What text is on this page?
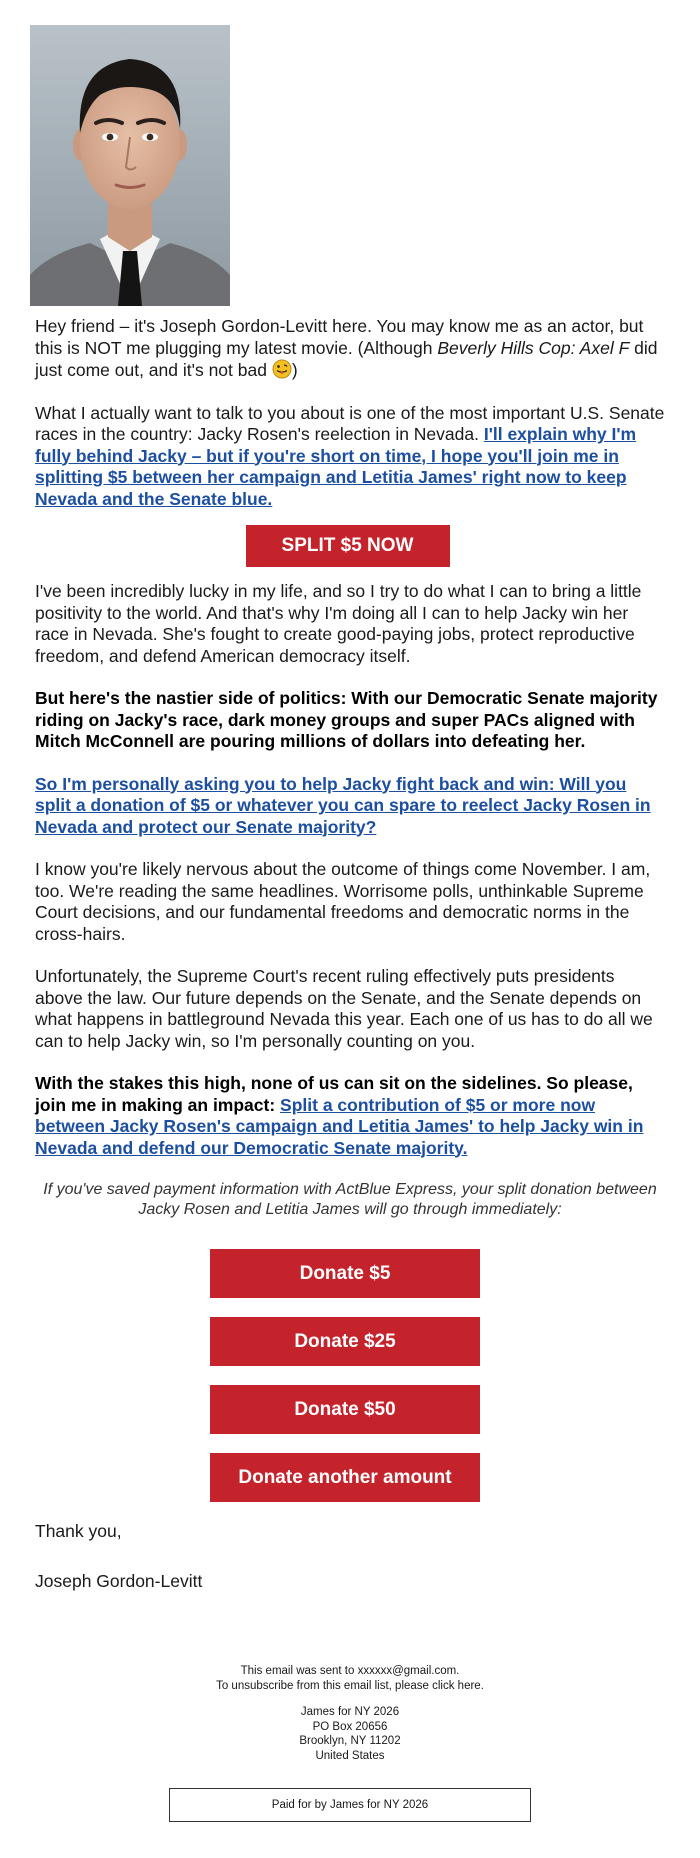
Hey friend – it's Joseph Gordon-Levitt here. You may know me as an actor, but this is NOT me plugging my latest movie. (Although Beverly Hills Cop: Axel F did just come out, and it's not bad )

What I actually want to talk to you about is one of the most important U.S. Senate races in the country: Jacky Rosen's reelection in Nevada. I'll explain why I'm fully behind Jacky – but if you're short on time, I hope you'll join me in splitting $5 between her campaign and Letitia James' right now to keep Nevada and the Senate blue.

SPLIT $5 NOW

I've been incredibly lucky in my life, and so I try to do what I can to bring a little positivity to the world. And that's why I'm doing all I can to help Jacky win her race in Nevada. She's fought to create good-paying jobs, protect reproductive freedom, and defend American democracy itself.

But here's the nastier side of politics: With our Democratic Senate majority riding on Jacky's race, dark money groups and super PACs aligned with Mitch McConnell are pouring millions of dollars into defeating her.

So I'm personally asking you to help Jacky fight back and win: Will you split a donation of $5 or whatever you can spare to reelect Jacky Rosen in Nevada and protect our Senate majority?

I know you're likely nervous about the outcome of things come November. I am, too. We're reading the same headlines. Worrisome polls, unthinkable Supreme Court decisions, and our fundamental freedoms and democratic norms in the cross-hairs.

Unfortunately, the Supreme Court's recent ruling effectively puts presidents above the law. Our future depends on the Senate, and the Senate depends on what happens in battleground Nevada this year. Each one of us has to do all we can to help Jacky win, so I'm personally counting on you.

With the stakes this high, none of us can sit on the sidelines. So please, join me in making an impact: Split a contribution of $5 or more now between Jacky Rosen's campaign and Letitia James' to help Jacky win in Nevada and defend our Democratic Senate majority.

If you've saved payment information with ActBlue Express, your split donation between Jacky Rosen and Letitia James will go through immediately:
Donate $5
Donate $25
Donate $50
Donate another amount

Thank you,

Joseph Gordon-Levitt

This email was sent to xxxxxx@gmail.com.
To unsubscribe from this email list, please click here.
James for NY 2026
PO Box 20656
Brooklyn, NY 11202
United States
Paid for by James for NY 2026
